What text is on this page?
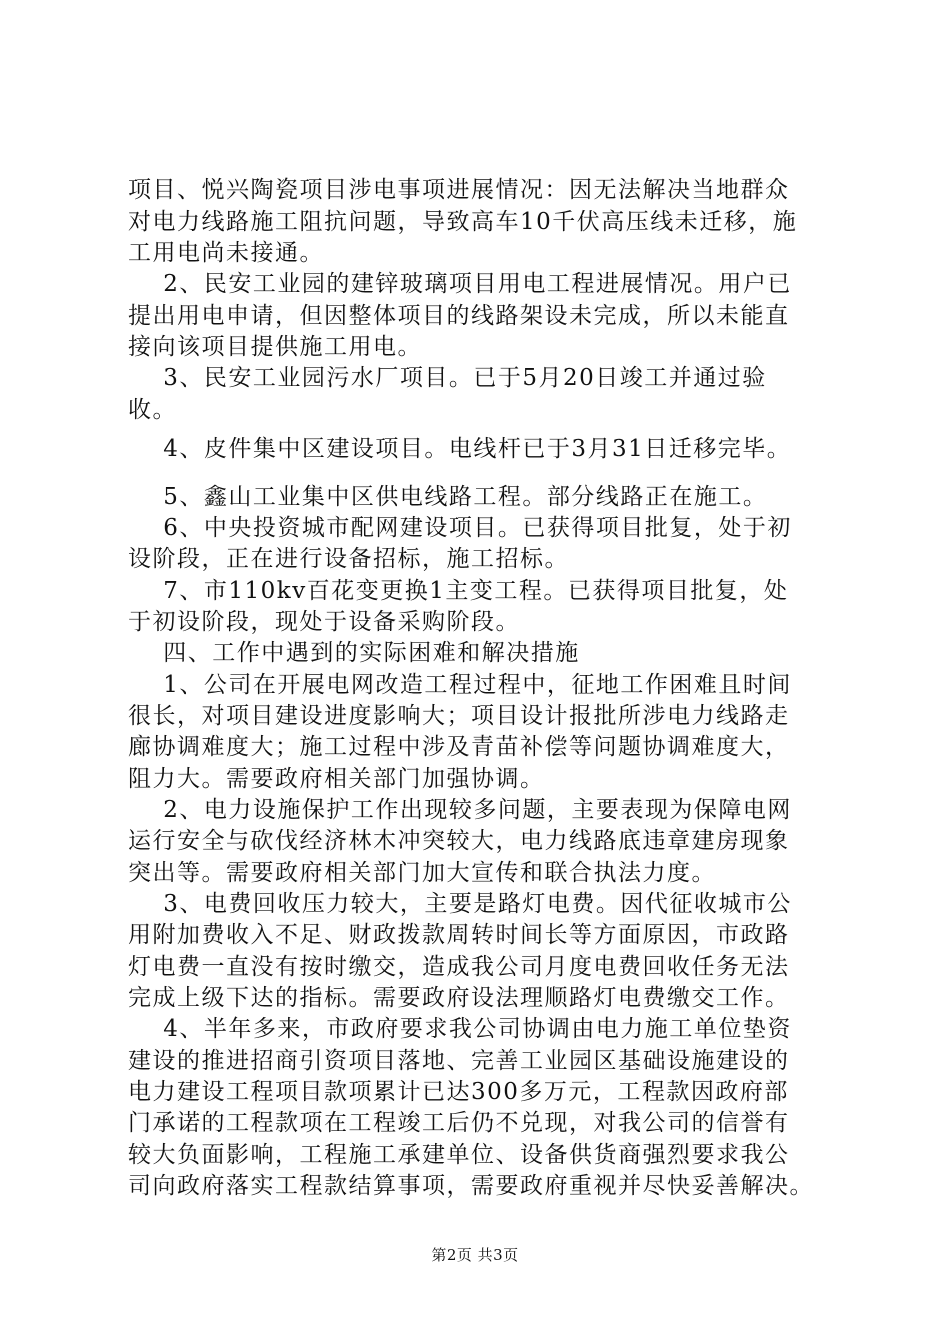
项目、悦兴陶瓷项目涉电事项进展情况：因无法解决当地群众
对电力线路施工阻抗问题，导致高车10千伏高压线未迁移，施
工用电尚未接通。
2、民安工业园的建锌玻璃项目用电工程进展情况。用户已
提出用电申请，但因整体项目的线路架设未完成，所以未能直
接向该项目提供施工用电。
3、民安工业园污水厂项目。已于5月20日竣工并通过验
收。
4、皮件集中区建设项目。电线杆已于3月31日迁移完毕。
5、鑫山工业集中区供电线路工程。部分线路正在施工。
6、中央投资城市配网建设项目。已获得项目批复，处于初
设阶段，正在进行设备招标，施工招标。
7、市110kv百花变更换1主变工程。已获得项目批复，处
于初设阶段，现处于设备采购阶段。
四、工作中遇到的实际困难和解决措施
1、公司在开展电网改造工程过程中，征地工作困难且时间
很长，对项目建设进度影响大；项目设计报批所涉电力线路走
廊协调难度大；施工过程中涉及青苗补偿等问题协调难度大，
阻力大。需要政府相关部门加强协调。
2、电力设施保护工作出现较多问题，主要表现为保障电网
运行安全与砍伐经济林木冲突较大，电力线路底违章建房现象
突出等。需要政府相关部门加大宣传和联合执法力度。
3、电费回收压力较大，主要是路灯电费。因代征收城市公
用附加费收入不足、财政拨款周转时间长等方面原因，市政路
灯电费一直没有按时缴交，造成我公司月度电费回收任务无法
完成上级下达的指标。需要政府设法理顺路灯电费缴交工作。
4、半年多来，市政府要求我公司协调由电力施工单位垫资
建设的推进招商引资项目落地、完善工业园区基础设施建设的
电力建设工程项目款项累计已达300多万元，工程款因政府部
门承诺的工程款项在工程竣工后仍不兑现，对我公司的信誉有
较大负面影响，工程施工承建单位、设备供货商强烈要求我公
司向政府落实工程款结算事项，需要政府重视并尽快妥善解决。
第2页 共3页
